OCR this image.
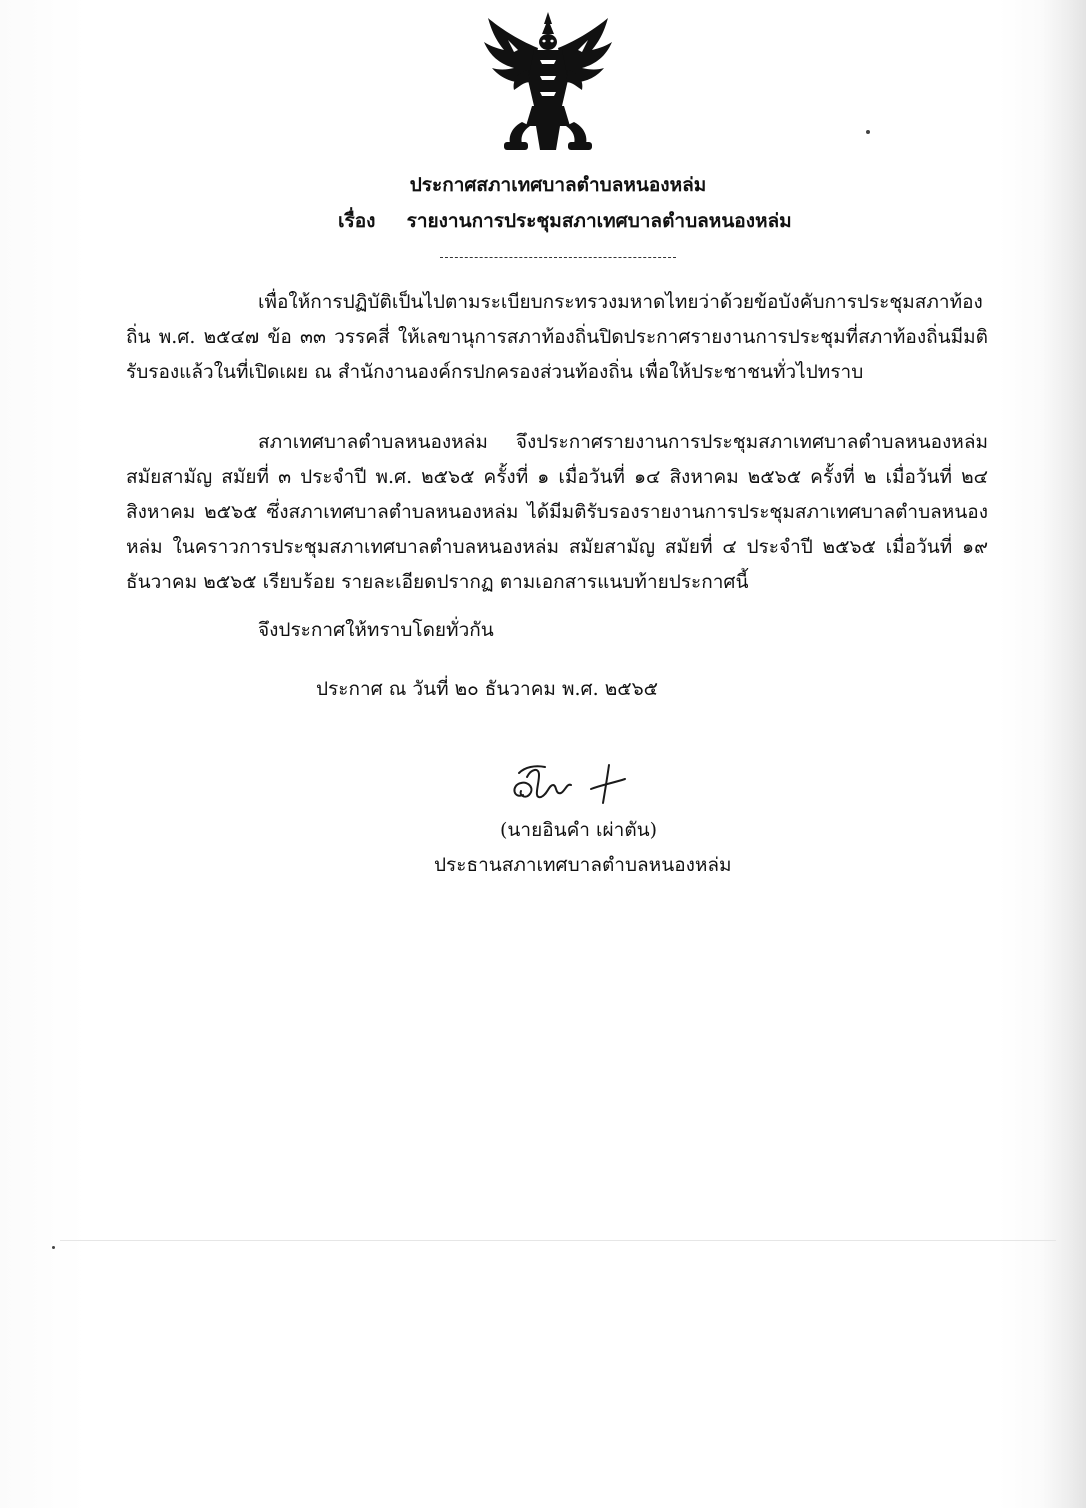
ประกาศสภาเทศบาลตำบลหนองหล่ม
เรื่อง รายงานการประชุมสภาเทศบาลตำบลหนองหล่ม
เพื่อให้การปฏิบัติเป็นไปตามระเบียบกระทรวงมหาดไทยว่าด้วยข้อบังคับการประชุมสภาท้องถิ่น พ.ศ. ๒๕๔๗ ข้อ ๓๓ วรรคสี่ ให้เลขานุการสภาท้องถิ่นปิดประกาศรายงานการประชุมที่สภาท้องถิ่นมีมติรับรองแล้วในที่เปิดเผย ณ สำนักงานองค์กรปกครองส่วนท้องถิ่น เพื่อให้ประชาชนทั่วไปทราบ
สภาเทศบาลตำบลหนองหล่ม จึงประกาศรายงานการประชุมสภาเทศบาลตำบลหนองหล่ม สมัยสามัญ สมัยที่ ๓ ประจำปี พ.ศ. ๒๕๖๕ ครั้งที่ ๑ เมื่อวันที่ ๑๔ สิงหาคม ๒๕๖๕ ครั้งที่ ๒ เมื่อวันที่ ๒๔ สิงหาคม ๒๕๖๕ ซึ่งสภาเทศบาลตำบลหนองหล่ม ได้มีมติรับรองรายงานการประชุมสภาเทศบาลตำบลหนองหล่ม ในคราวการประชุมสภาเทศบาลตำบลหนองหล่ม สมัยสามัญ สมัยที่ ๔ ประจำปี ๒๕๖๕ เมื่อวันที่ ๑๙ ธันวาคม ๒๕๖๕ เรียบร้อย รายละเอียดปรากฏ ตามเอกสารแนบท้ายประกาศนี้
จึงประกาศให้ทราบโดยทั่วกัน
ประกาศ ณ วันที่ ๒๐ ธันวาคม พ.ศ. ๒๕๖๕
(นายอินคำ เผ่าตัน)
ประธานสภาเทศบาลตำบลหนองหล่ม
